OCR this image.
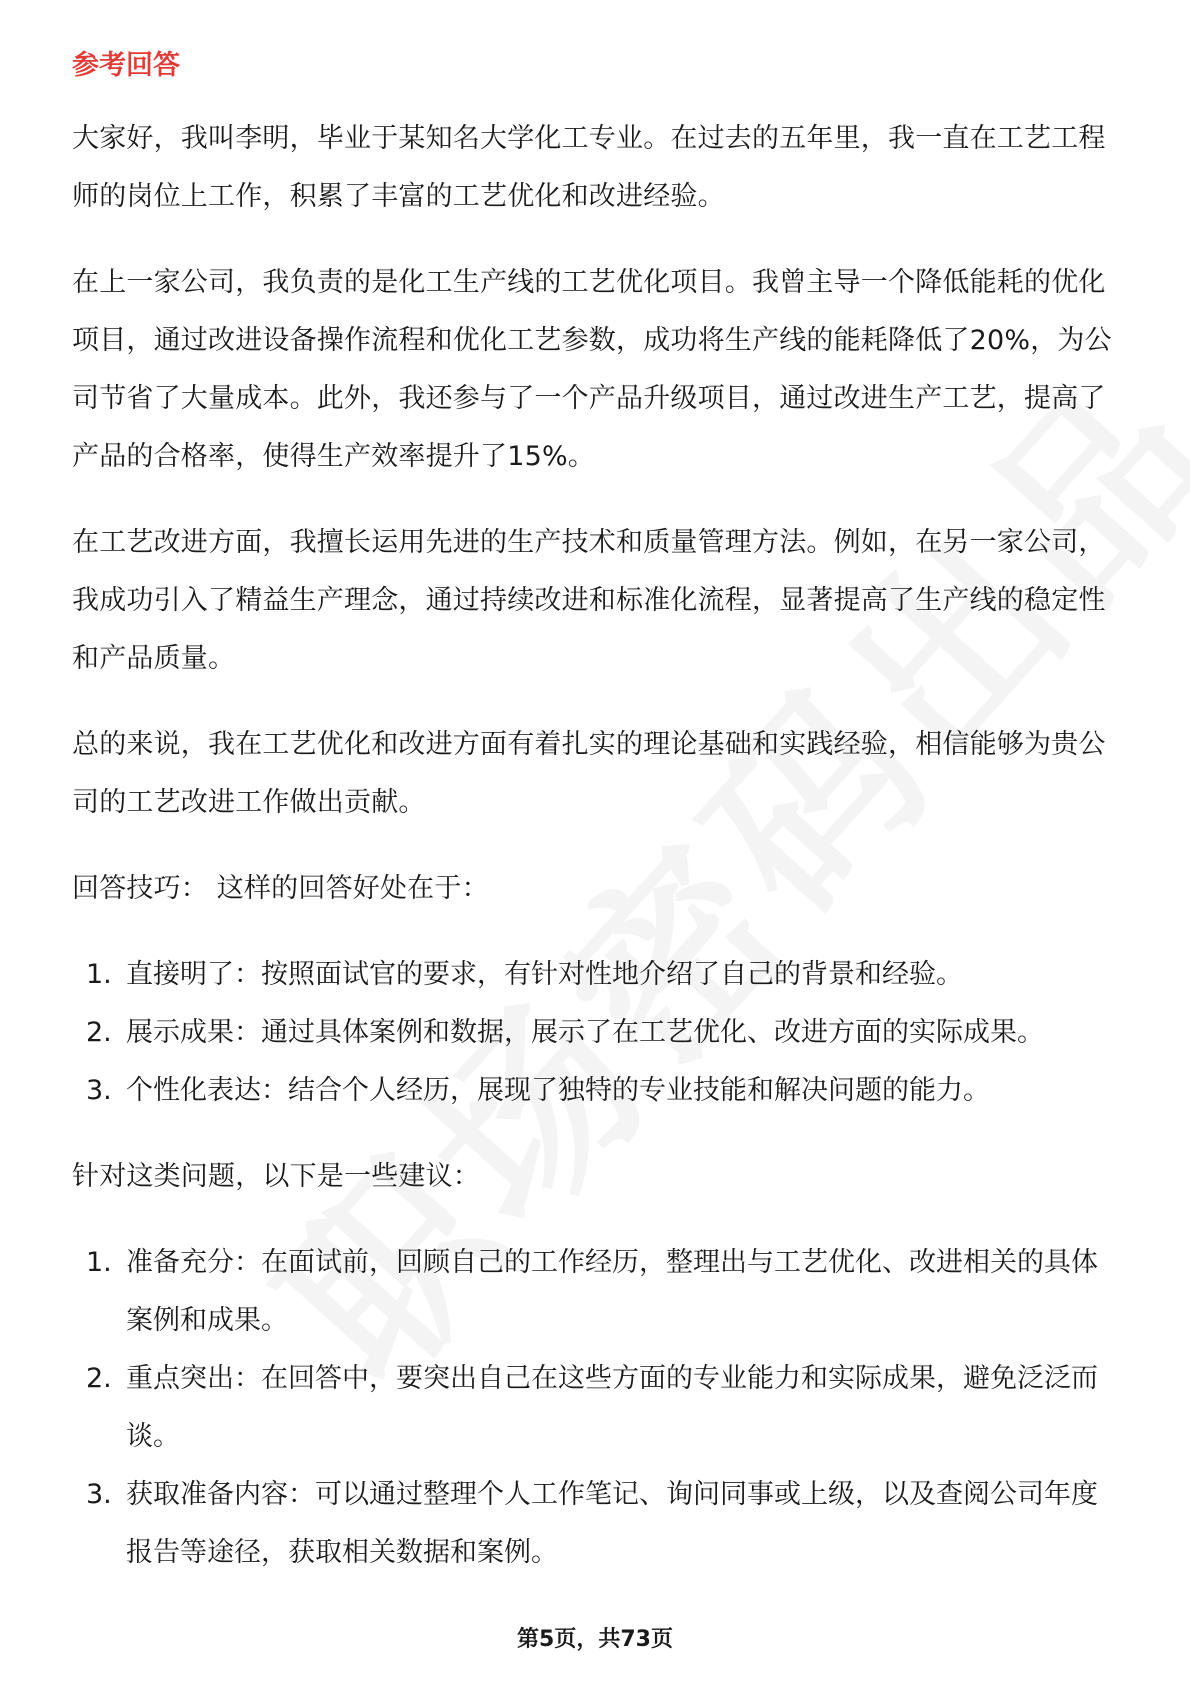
参考回答

大家好，我叫李明，毕业于某知名大学化工专业。在过去的五年里，我一直在工艺工程师的岗位上工作，积累了丰富的工艺优化和改进经验。

在上一家公司，我负责的是化工生产线的工艺优化项目。我曾主导一个降低能耗的优化项目，通过改进设备操作流程和优化工艺参数，成功将生产线的能耗降低了20%，为公司节省了大量成本。此外，我还参与了一个产品升级项目，通过改进生产工艺，提高了产品的合格率，使得生产效率提升了15%。

在工艺改进方面，我擅长运用先进的生产技术和质量管理方法。例如，在另一家公司，我成功引入了精益生产理念，通过持续改进和标准化流程，显著提高了生产线的稳定性和产品质量。

总的来说，我在工艺优化和改进方面有着扎实的理论基础和实践经验，相信能够为贵公司的工艺改进工作做出贡献。

回答技巧： 这样的回答好处在于：

1. 直接明了：按照面试官的要求，有针对性地介绍了自己的背景和经验。
2. 展示成果：通过具体案例和数据，展示了在工艺优化、改进方面的实际成果。
3. 个性化表达：结合个人经历，展现了独特的专业技能和解决问题的能力。

针对这类问题，以下是一些建议：

1. 准备充分：在面试前，回顾自己的工作经历，整理出与工艺优化、改进相关的具体案例和成果。
2. 重点突出：在回答中，要突出自己在这些方面的专业能力和实际成果，避免泛泛而谈。
3. 获取准备内容：可以通过整理个人工作笔记、询问同事或上级，以及查阅公司年度报告等途径，获取相关数据和案例。
第5页，共73页
